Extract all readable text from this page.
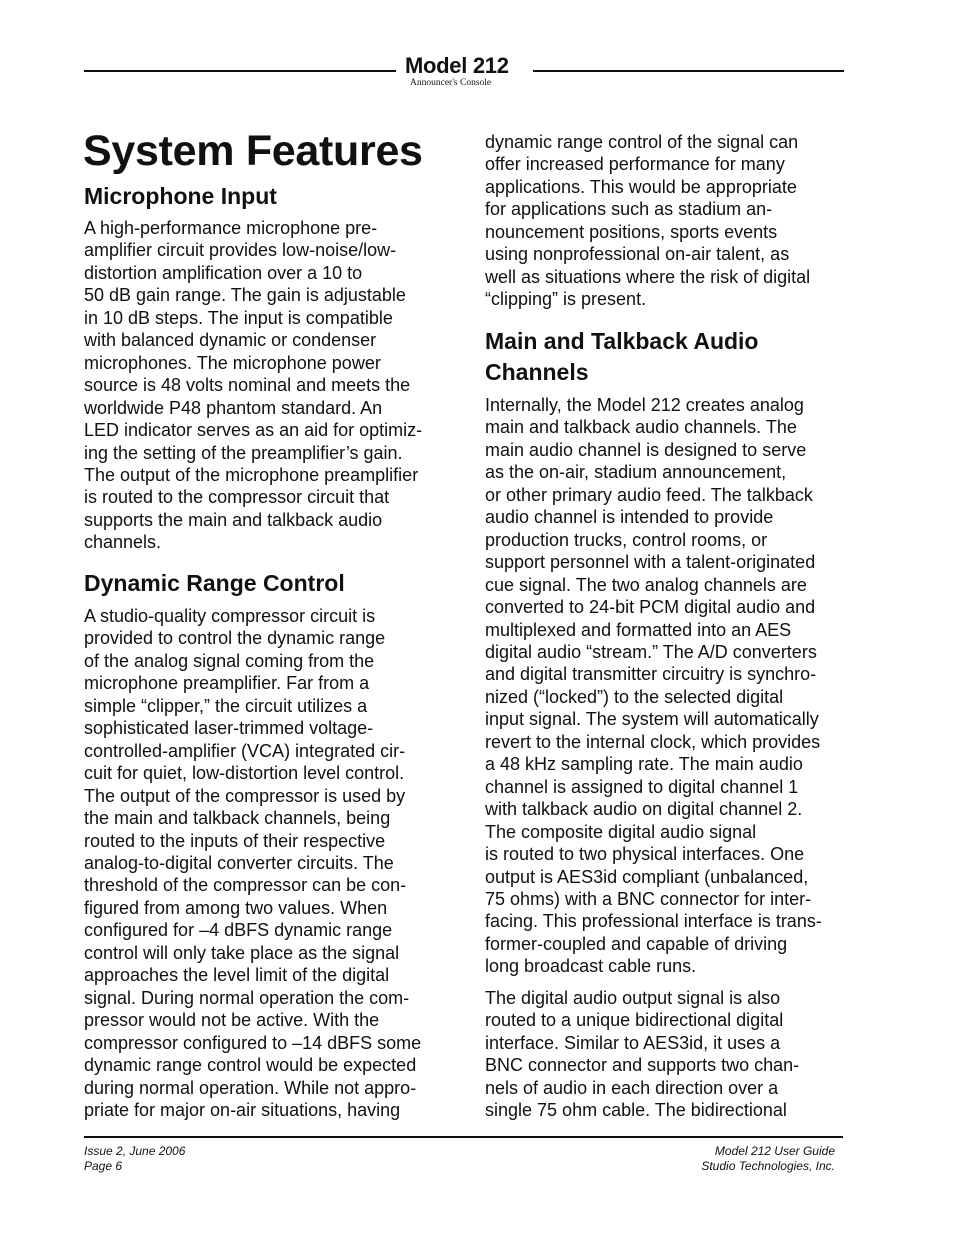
Model 212
Announcer's Console
System Features
Microphone Input
A high-performance microphone pre-
amplifier circuit provides low-noise/low-
distortion amplification over a 10 to
50 dB gain range. The gain is adjustable
in 10 dB steps. The input is compatible
with balanced dynamic or condenser
microphones. The microphone power
source is 48 volts nominal and meets the
worldwide P48 phantom standard. An
LED indicator serves as an aid for optimiz-
ing the setting of the preamplifier’s gain.
The output of the microphone preamplifier
is routed to the compressor circuit that
supports the main and talkback audio
channels.
Dynamic Range Control
A studio-quality compressor circuit is
provided to control the dynamic range
of the analog signal coming from the
microphone preamplifier. Far from a
simple “clipper,” the circuit utilizes a
sophisticated laser-trimmed voltage-
controlled-amplifier (VCA) integrated cir-
cuit for quiet, low-distortion level control.
The output of the compressor is used by
the main and talkback channels, being
routed to the inputs of their respective
analog-to-digital converter circuits. The
threshold of the compressor can be con-
figured from among two values. When
configured for –4 dBFS dynamic range
control will only take place as the signal
approaches the level limit of the digital
signal. During normal operation the com-
pressor would not be active. With the
compressor configured to –14 dBFS some
dynamic range control would be expected
during normal operation. While not appro-
priate for major on-air situations, having
dynamic range control of the signal can
offer increased performance for many
applications. This would be appropriate
for applications such as stadium an-
nouncement positions, sports events
using nonprofessional on-air talent, as
well as situations where the risk of digital
“clipping” is present.
Main and Talkback Audio
Channels
Internally, the Model 212 creates analog
main and talkback audio channels. The
main audio channel is designed to serve
as the on-air, stadium announcement,
or other primary audio feed. The talkback
audio channel is intended to provide
production trucks, control rooms, or
support personnel with a talent-originated
cue signal. The two analog channels are
converted to 24-bit PCM digital audio and
multiplexed and formatted into an AES
digital audio “stream.” The A/D converters
and digital transmitter circuitry is synchro-
nized (“locked”) to the selected digital
input signal. The system will automatically
revert to the internal clock, which provides
a 48 kHz sampling rate. The main audio
channel is assigned to digital channel 1
with talkback audio on digital channel 2.
The composite digital audio signal
is routed to two physical interfaces. One
output is AES3id compliant (unbalanced,
75 ohms) with a BNC connector for inter-
facing. This professional interface is trans-
former-coupled and capable of driving
long broadcast cable runs.
The digital audio output signal is also
routed to a unique bidirectional digital
interface. Similar to AES3id, it uses a
BNC connector and supports two chan-
nels of audio in each direction over a
single 75 ohm cable. The bidirectional
Issue 2, June 2006
Page 6
Model 212 User Guide
Studio Technologies, Inc.
